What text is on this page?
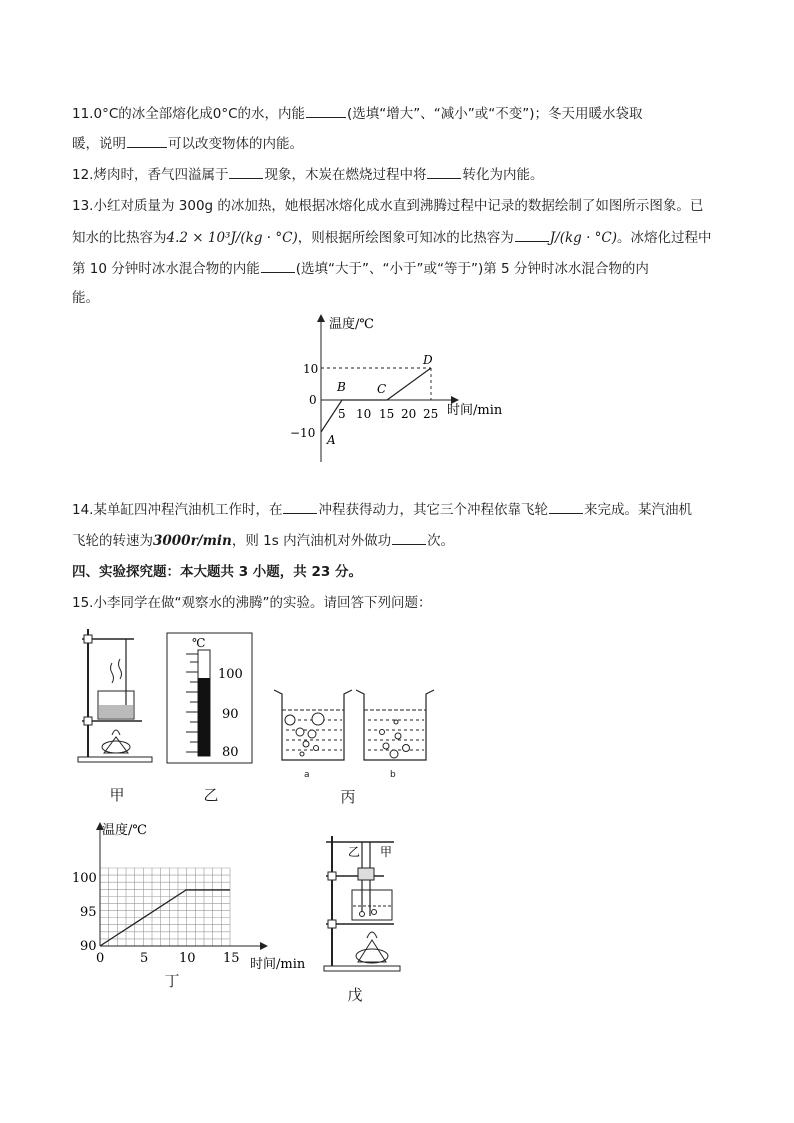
11.0°C的冰全部熔化成0°C的水，内能	(选填“增大”、“减小”或“不变”)；冬天用暖水袋取
暖，说明	可以改变物体的内能。
12.烤肉时，香气四溢属于	现象，木炭在燃烧过程中将	转化为内能。
13.小红对质量为 300g 的冰加热，她根据冰熔化成水直到沸腾过程中记录的数据绘制了如图所示图象。已
知水的比热容为4.2 × 10³J/(kg · °C)，则根据所绘图象可知冰的比热容为	J/(kg · °C)。冰熔化过程中
第 10 分钟时冰水混合物的内能	(选填“大于”、“小于”或“等于”)第 5 分钟时冰水混合物的内
能。
温度/℃
时间/min
10
0
−10
5 10 15 20 25
A
B	C
D
14.某单缸四冲程汽油机工作时，在	冲程获得动力，其它三个冲程依靠飞轮	来完成。某汽油机
飞轮的转速为3000r/min，则 1s 内汽油机对外做功	次。
四、实验探究题：本大题共 3 小题，共 23 分。
15.小李同学在做“观察水的沸腾”的实验。请回答下列问题：
甲
℃
100
90
80
乙
a	b
丙
温度/℃
时间/min
100
95
90
0	5 10 15
丁
乙 甲
戊
